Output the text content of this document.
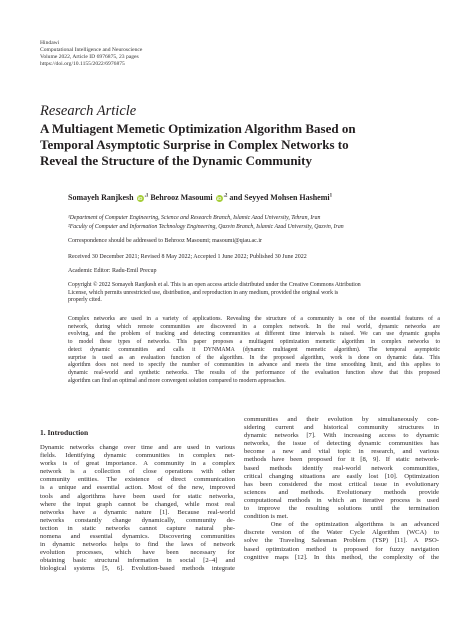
Hindawi
Computational Intelligence and Neuroscience
Volume 2022, Article ID 6976875, 23 pages
https://doi.org/10.1155/2022/6976875
Research Article
A Multiagent Memetic Optimization Algorithm Based on
Temporal Asymptotic Surprise in Complex Networks to
Reveal the Structure of the Dynamic Community
Somayeh Ranjkesh $iD^{,1}$ Behrooz Masoumi $iD^{,2}$ and Seyyed Mohsen Hashemi$^1$
¹Department of Computer Engineering, Science and Research Branch, Islamic Azad University, Tehran, Iran
²Faculty of Computer and Information Technology Engineering, Qazvin Branch, Islamic Azad University, Qazvin, Iran
Correspondence should be addressed to Behrooz Masoumi; masoumi@qiau.ac.ir
Received 30 December 2021; Revised 8 May 2022; Accepted 1 June 2022; Published 30 June 2022
Academic Editor: Radu-Emil Precup
Copyright © 2022 Somayeh Ranjkesh et al. This is an open access article distributed under the Creative Commons Attribution
License, which permits unrestricted use, distribution, and reproduction in any medium, provided the original work is
properly cited.
Complex networks are used in a variety of applications. Revealing the structure of a community is one of the essential features of a
network, during which remote communities are discovered in a complex network. In the real world, dynamic networks are
evolving, and the problem of tracking and detecting communities at different time intervals is raised. We can use dynamic graphs
to model these types of networks. This paper proposes a multiagent optimization memetic algorithm in complex networks to
detect dynamic communities and calls it DYNMAMA (dynamic multiagent memetic algorithm). The temporal asymptotic
surprise is used as an evaluation function of the algorithm. In the proposed algorithm, work is done on dynamic data. This
algorithm does not need to specify the number of communities in advance and meets the time smoothing limit, and this applies to
dynamic real-world and synthetic networks. The results of the performance of the evaluation function show that this proposed
algorithm can find an optimal and more convergent solution compared to modern approaches.
1. Introduction
Dynamic networks change over time and are used in various
fields. Identifying dynamic communities in complex net-
works is of great importance. A community in a complex
network is a collection of close operations with other
community entities. The existence of direct communication
is a unique and essential action. Most of the new, improved
tools and algorithms have been used for static networks,
where the input graph cannot be changed, while most real
networks have a dynamic nature [1]. Because real-world
networks constantly change dynamically, community de-
tection in static networks cannot capture natural phe-
nomena and essential dynamics. Discovering communities
in dynamic networks helps to find the laws of network
evolution processes, which have been necessary for
obtaining basic structural information in social [2–4] and
biological systems [5, 6]. Evolution-based methods integrate
communities and their evolution by simultaneously con-
sidering current and historical community structures in
dynamic networks [7]. With increasing access to dynamic
networks, the issue of detecting dynamic communities has
become a new and vital topic in research, and various
methods have been proposed for it [8, 9]. If static network-
based methods identify real-world network communities,
critical changing situations are easily lost [10]. Optimization
has been considered the most critical issue in evolutionary
sciences and methods. Evolutionary methods provide
computational methods in which an iterative process is used
to improve the resulting solutions until the termination
condition is met.
One of the optimization algorithms is an advanced
discrete version of the Water Cycle Algorithm (WCA) to
solve the Traveling Salesman Problem (TSP) [11]. A PSO-
based optimization method is proposed for fuzzy navigation
cognitive maps [12]. In this method, the complexity of the
